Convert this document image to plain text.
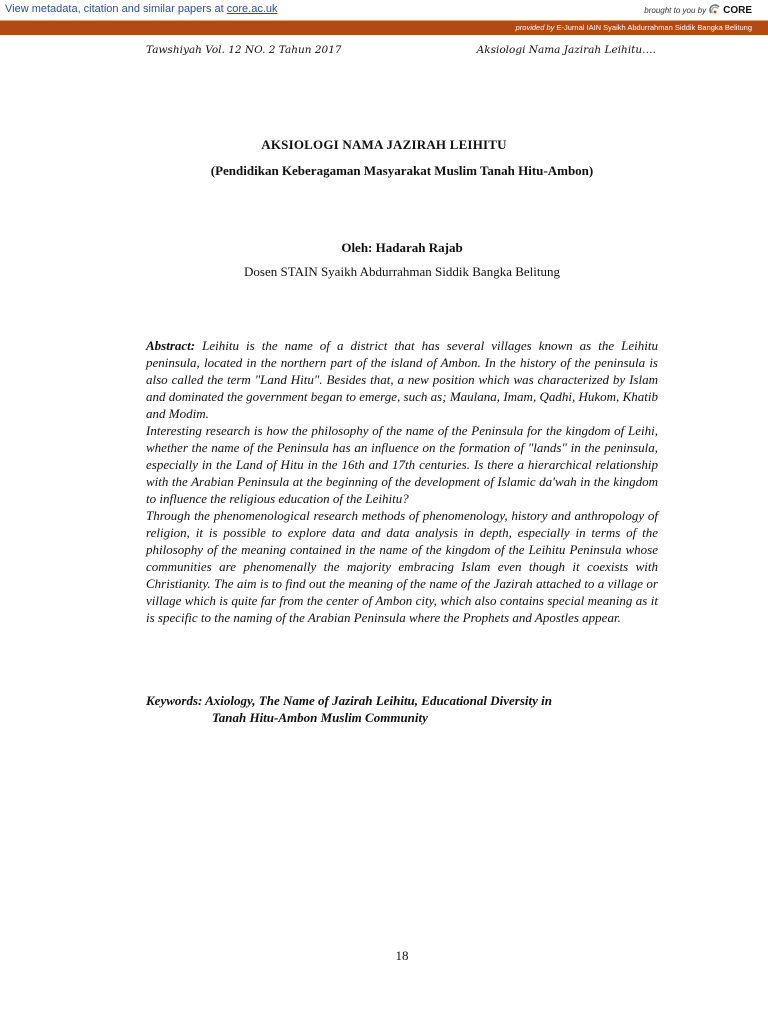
View metadata, citation and similar papers at core.ac.uk	brought to you by CORE
provided by E-Jurnal IAIN Syaikh Abdurrahman Siddik Bangka Belitung
Tawshiyah Vol. 12 NO. 2 Tahun 2017	Aksiologi Nama Jazirah Leihitu….
AKSIOLOGI NAMA JAZIRAH LEIHITU
(Pendidikan Keberagaman Masyarakat Muslim Tanah Hitu-Ambon)
Oleh: Hadarah Rajab
Dosen STAIN Syaikh Abdurrahman Siddik Bangka Belitung

Abstract: Leihitu is the name of a district that has several villages known as the Leihitu peninsula, located in the northern part of the island of Ambon. In the history of the peninsula is also called the term "Land Hitu". Besides that, a new position which was characterized by Islam and dominated the government began to emerge, such as; Maulana, Imam, Qadhi, Hukom, Khatib and Modim.

Interesting research is how the philosophy of the name of the Peninsula for the kingdom of Leihi, whether the name of the Peninsula has an influence on the formation of "lands" in the peninsula, especially in the Land of Hitu in the 16th and 17th centuries. Is there a hierarchical relationship with the Arabian Peninsula at the beginning of the development of Islamic da'wah in the kingdom to influence the religious education of the Leihitu?

Through the phenomenological research methods of phenomenology, history and anthropology of religion, it is possible to explore data and data analysis in depth, especially in terms of the philosophy of the meaning contained in the name of the kingdom of the Leihitu Peninsula whose communities are phenomenally the majority embracing Islam even though it coexists with Christianity. The aim is to find out the meaning of the name of the Jazirah attached to a village or village which is quite far from the center of Ambon city, which also contains special meaning as it is specific to the naming of the Arabian Peninsula where the Prophets and Apostles appear.

Keywords: Axiology, The Name of Jazirah Leihitu, Educational Diversity in
Tanah Hitu-Ambon Muslim Community
18
